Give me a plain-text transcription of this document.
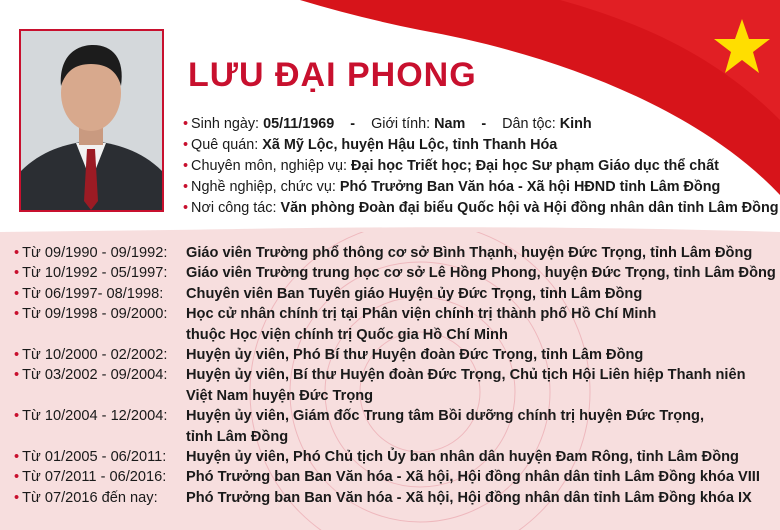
LƯU ĐẠI PHONG
• Sinh ngày: 05/11/1969 - Giới tính: Nam - Dân tộc: Kinh
• Quê quán: Xã Mỹ Lộc, huyện Hậu Lộc, tỉnh Thanh Hóa
• Chuyên môn, nghiệp vụ: Đại học Triết học; Đại học Sư phạm Giáo dục thể chất
• Nghề nghiệp, chức vụ: Phó Trưởng Ban Văn hóa - Xã hội HĐND tỉnh Lâm Đồng
• Nơi công tác: Văn phòng Đoàn đại biểu Quốc hội và Hội đồng nhân dân tỉnh Lâm Đồng
• Từ 09/1990 - 09/1992:	Giáo viên Trường phổ thông cơ sở Bình Thạnh, huyện Đức Trọng, tỉnh Lâm Đồng
• Từ 10/1992 - 05/1997:	Giáo viên Trường trung học cơ sở Lê Hồng Phong, huyện Đức Trọng, tỉnh Lâm Đồng
• Từ 06/1997- 08/1998:	Chuyên viên Ban Tuyên giáo Huyện ủy Đức Trọng, tỉnh Lâm Đồng
• Từ 09/1998 - 09/2000:	Học cử nhân chính trị tại Phân viện chính trị thành phố Hồ Chí Minh
thuộc Học viện chính trị Quốc gia Hồ Chí Minh
• Từ 10/2000 - 02/2002:	Huyện ủy viên, Phó Bí thư Huyện đoàn Đức Trọng, tỉnh Lâm Đồng
• Từ 03/2002 - 09/2004:	Huyện ủy viên, Bí thư Huyện đoàn Đức Trọng, Chủ tịch Hội Liên hiệp Thanh niên
Việt Nam huyện Đức Trọng
• Từ 10/2004 - 12/2004:	Huyện ủy viên, Giám đốc Trung tâm Bồi dưỡng chính trị huyện Đức Trọng,
tỉnh Lâm Đồng
• Từ 01/2005 - 06/2011:	Huyện ủy viên, Phó Chủ tịch Ủy ban nhân dân huyện Đam Rông, tỉnh Lâm Đồng
• Từ 07/2011 - 06/2016:	Phó Trưởng ban Ban Văn hóa - Xã hội, Hội đồng nhân dân tỉnh Lâm Đồng khóa VIII
• Từ 07/2016 đến nay:	Phó Trưởng ban Ban Văn hóa - Xã hội, Hội đồng nhân dân tỉnh Lâm Đồng khóa IX
